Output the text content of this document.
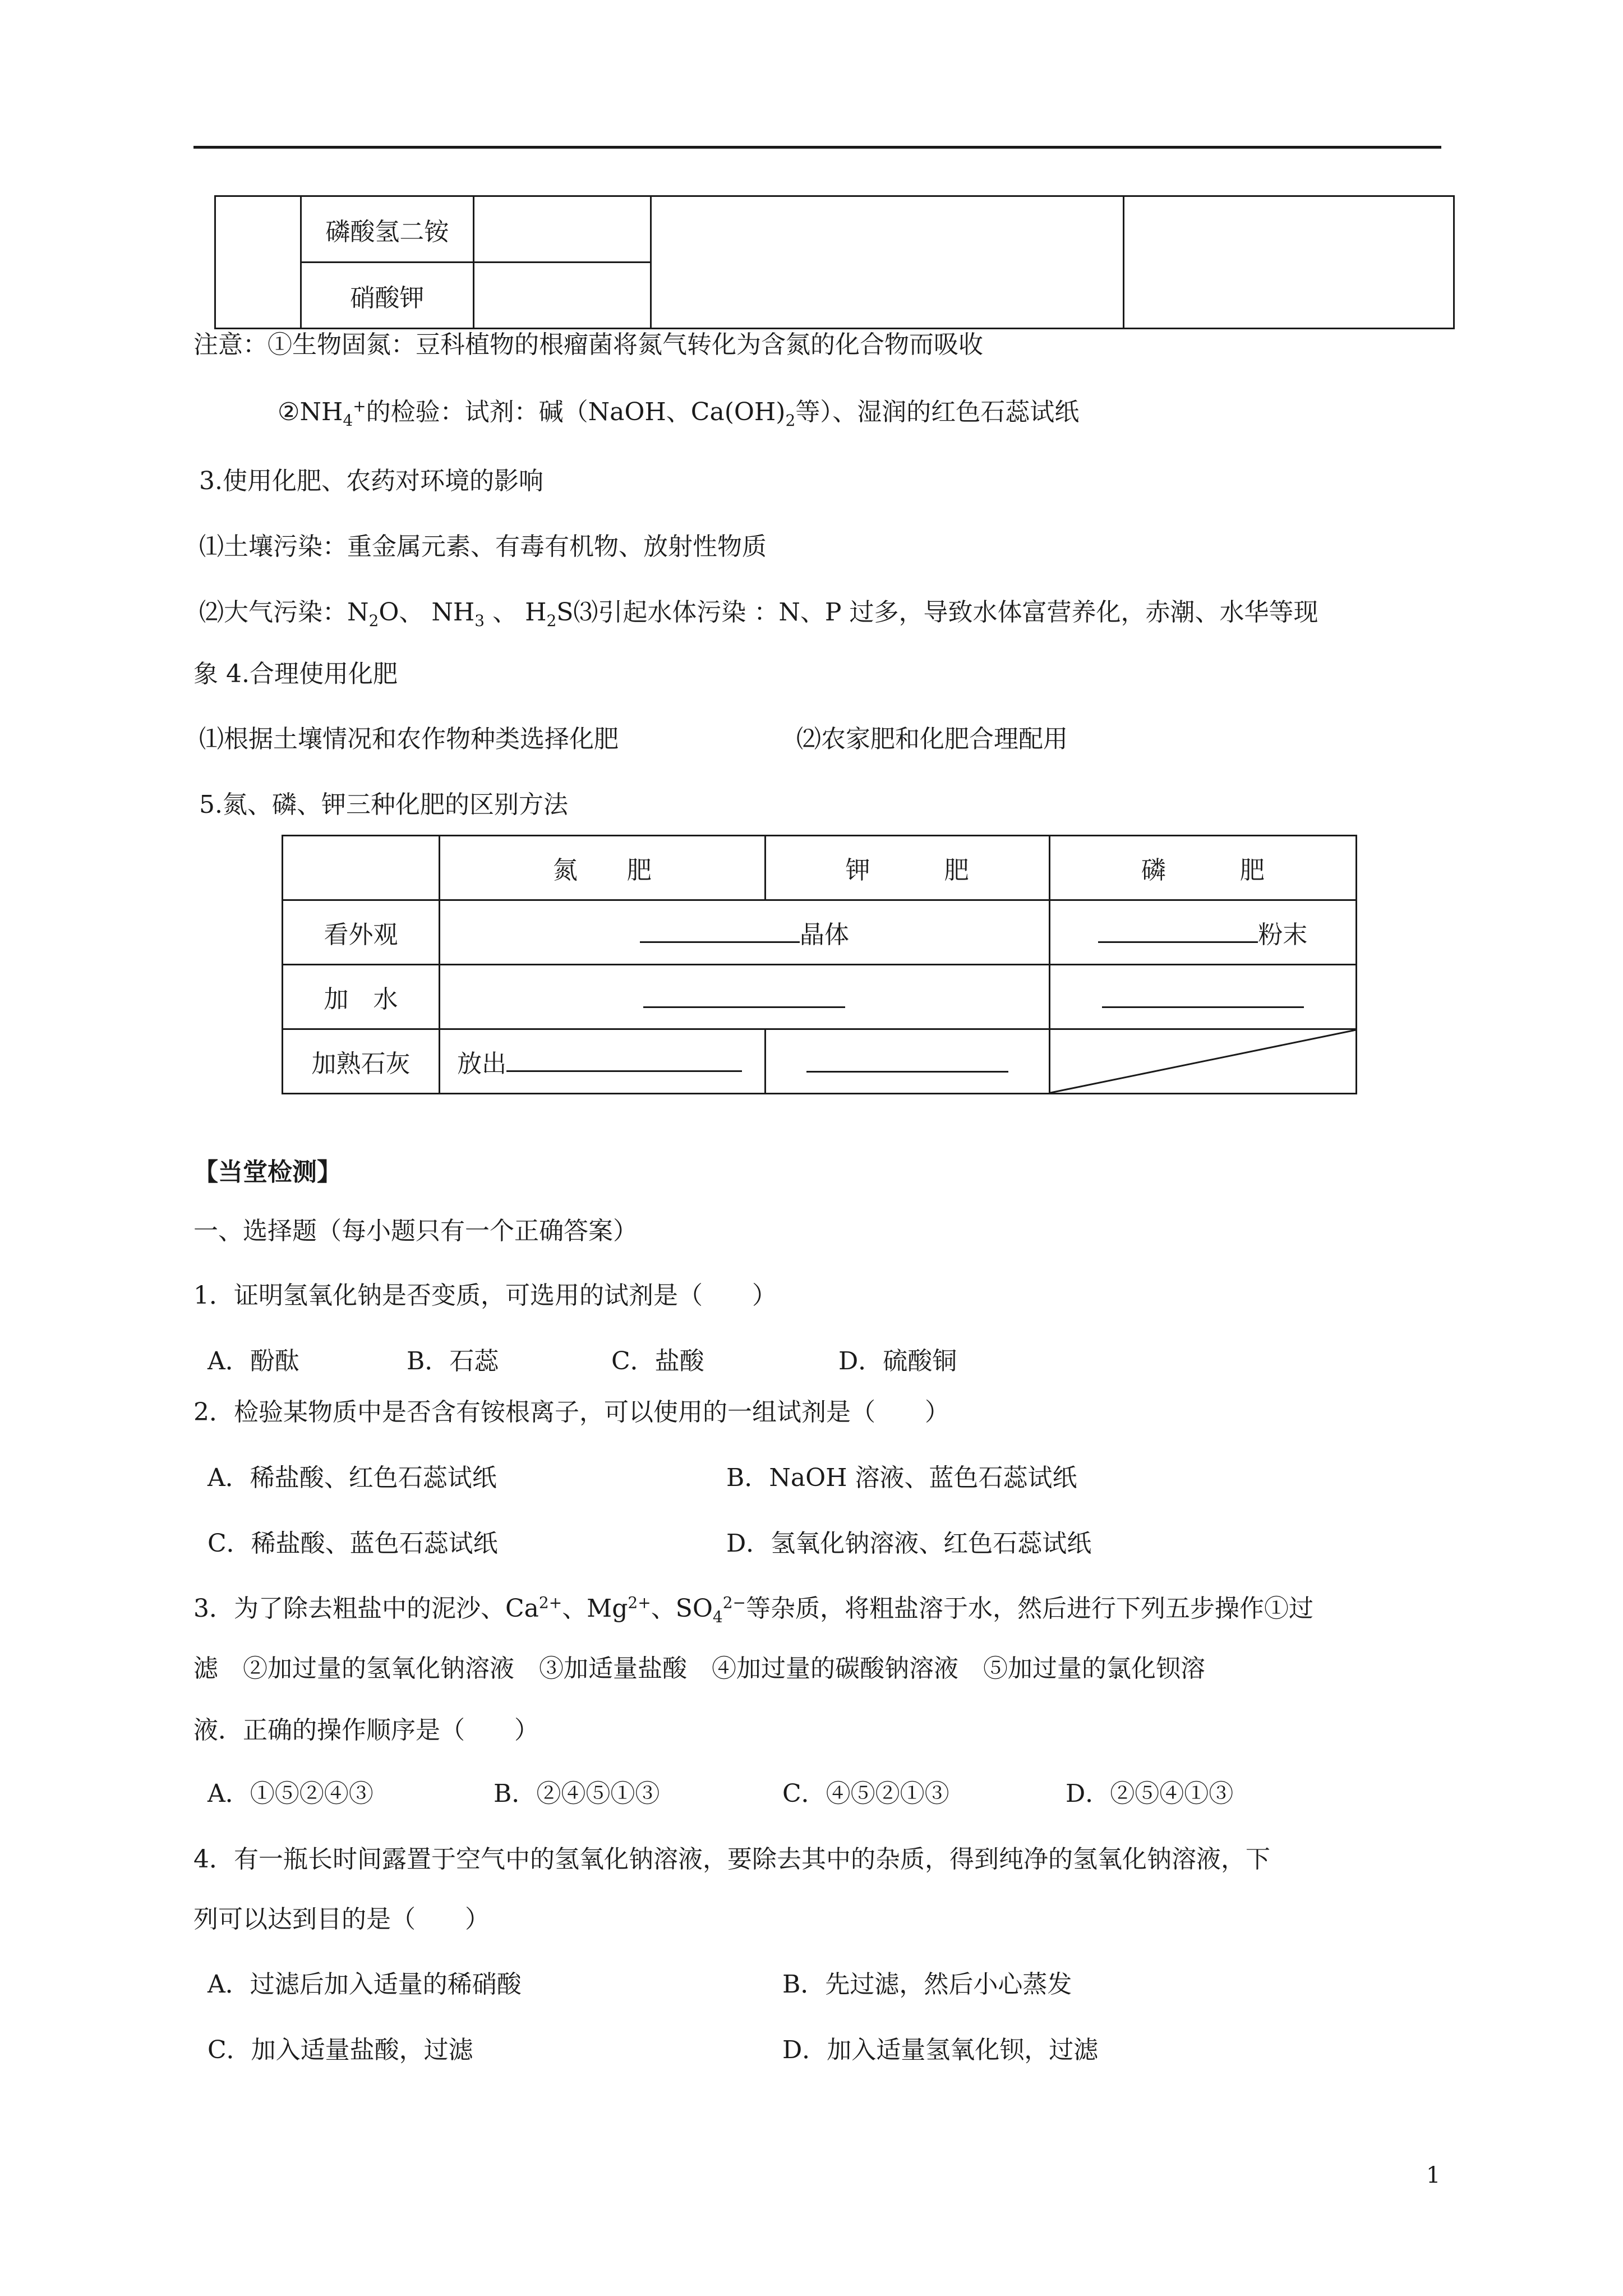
	磷酸氢二铵			
	硝酸钾			
注意：①生物固氮：豆科植物的根瘤菌将氮气转化为含氮的化合物而吸收
$②NH_4^+$的检验：试剂：碱（NaOH、$Ca(OH)_2$等）、湿润的红色石蕊试纸
3.使用化肥、农药对环境的影响
⑴土壤污染：重金属元素、有毒有机物、放射性物质
⑵大气污染：$N_2O$、 $NH_3$ 、 $H_2S⑶$引起水体污染 ：N、P 过多，导致水体富营养化，赤潮、水华等现
象 4.合理使用化肥
⑴根据土壤情况和农作物种类选择化肥	⑵农家肥和化肥合理配用
5.氮、磷、钾三种化肥的区别方法
	氮　　肥	钾　　　肥	磷　　　肥
看外观	晶体		粉末
加　水			
加熟石灰	放出		
【当堂检测】
一、选择题（每小题只有一个正确答案）
1．证明氢氧化钠是否变质，可选用的试剂是（　　）
A．酚酞	B．石蕊	C．盐酸	D．硫酸铜
2．检验某物质中是否含有铵根离子，可以使用的一组试剂是（　　）
A．稀盐酸、红色石蕊试纸	B．NaOH 溶液、蓝色石蕊试纸
C．稀盐酸、蓝色石蕊试纸	D．氢氧化钠溶液、红色石蕊试纸
3．为了除去粗盐中的泥沙、$Ca^{2+}$、$Mg^{2+}$、$SO_4^{2-}$等杂质，将粗盐溶于水，然后进行下列五步操作①过
滤　②加过量的氢氧化钠溶液　③加适量盐酸　④加过量的碳酸钠溶液　⑤加过量的氯化钡溶
液．正确的操作顺序是（　　）
A．①⑤②④③	B．②④⑤①③	C．④⑤②①③	D．②⑤④①③
4．有一瓶长时间露置于空气中的氢氧化钠溶液，要除去其中的杂质，得到纯净的氢氧化钠溶液，下
列可以达到目的是（　　）
A．过滤后加入适量的稀硝酸	B．先过滤，然后小心蒸发
C．加入适量盐酸，过滤	D．加入适量氢氧化钡，过滤
1
